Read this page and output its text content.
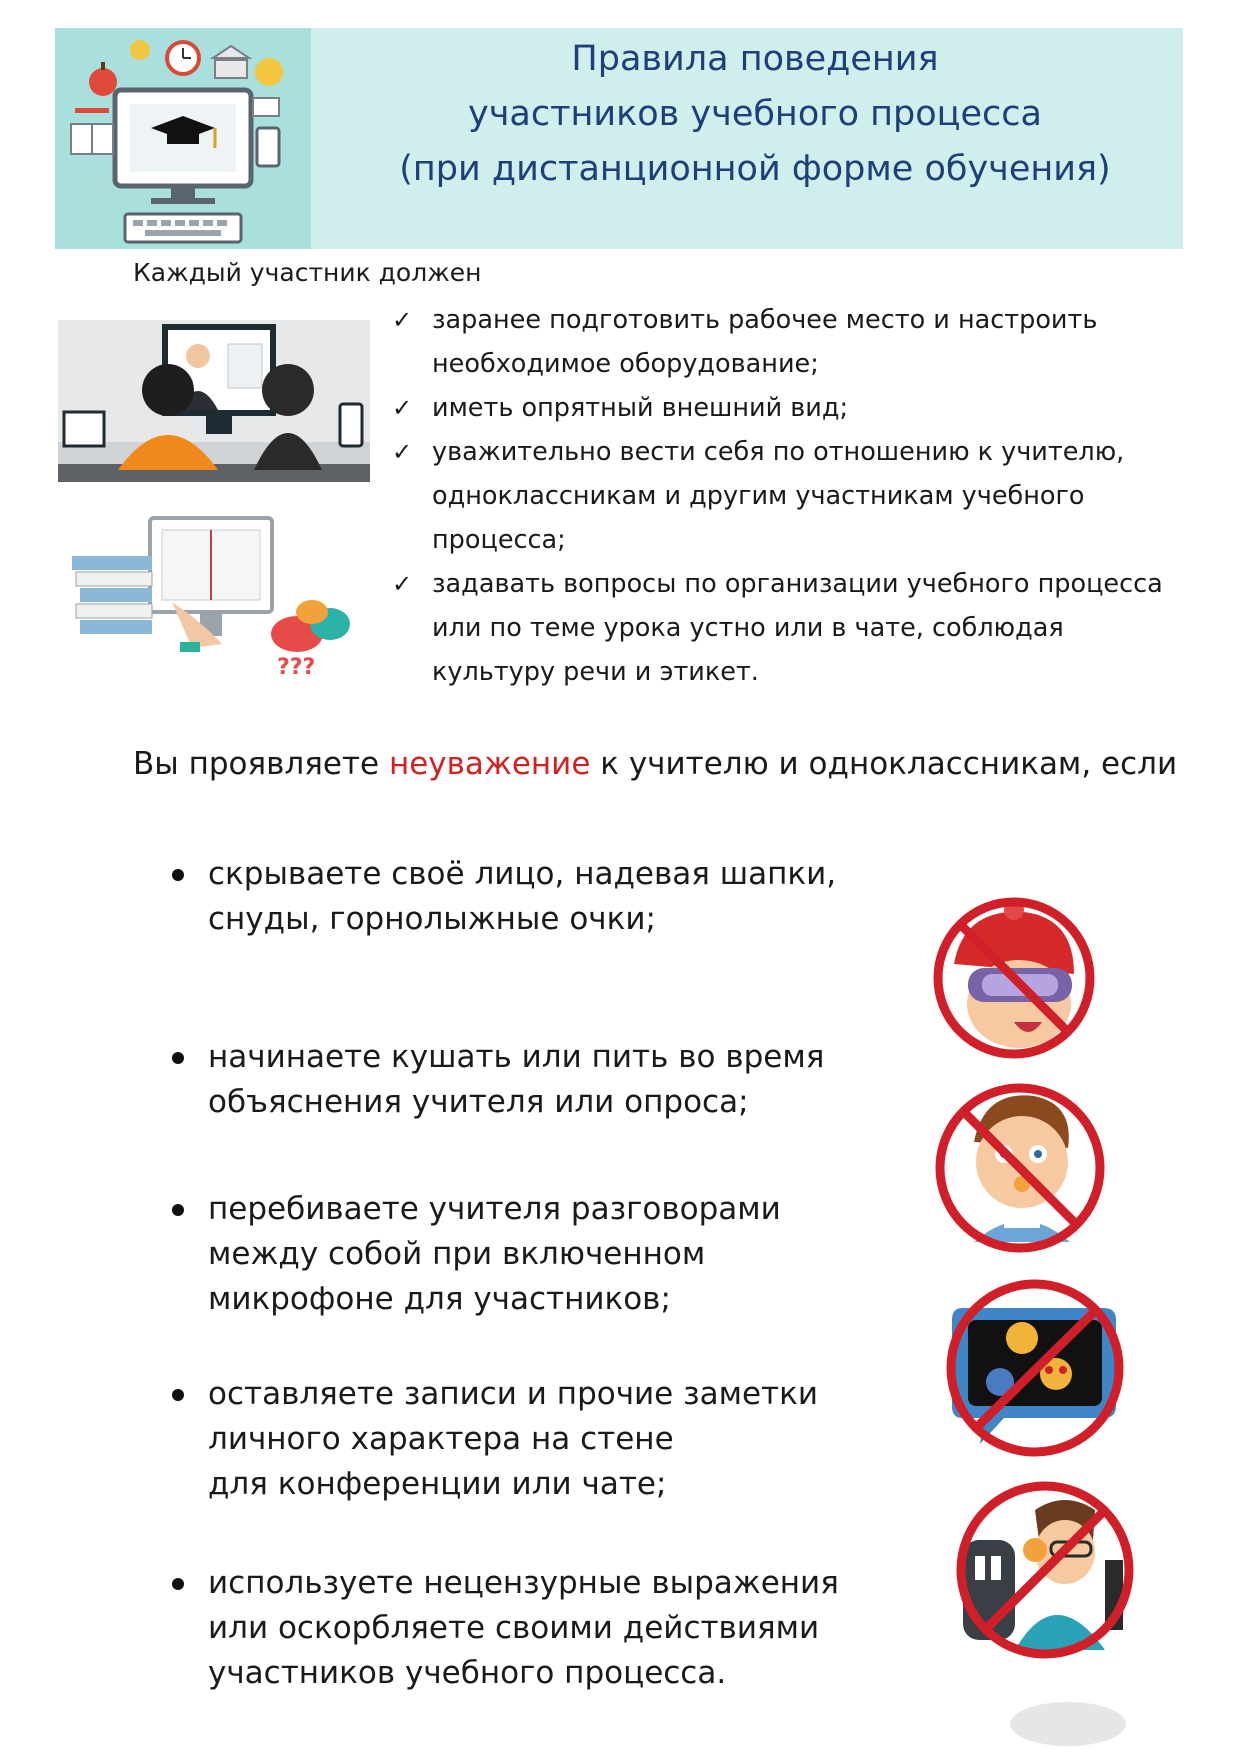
Правила поведения
участников учебного процесса
(при дистанционной форме обучения)
Каждый участник должен
???
✓ заранее подготовить рабочее место и настроить
необходимое оборудование;
✓ иметь опрятный внешний вид;
✓ уважительно вести себя по отношению к учителю,
одноклассникам и другим участникам учебного
процесса;
✓ задавать вопросы по организации учебного процесса
или по теме урока устно или в чате, соблюдая
культуру речи и этикет.
Вы проявляете неуважение к учителю и одноклассникам, если
скрываете своё лицо, надевая шапки,
снуды, горнолыжные очки;
начинаете кушать или пить во время
объяснения учителя или опроса;
перебиваете учителя разговорами
между собой при включенном
микрофоне для участников;
оставляете записи и прочие заметки
личного характера на стене
для конференции или чате;
используете нецензурные выражения
или оскорбляете своими действиями
участников учебного процесса.
